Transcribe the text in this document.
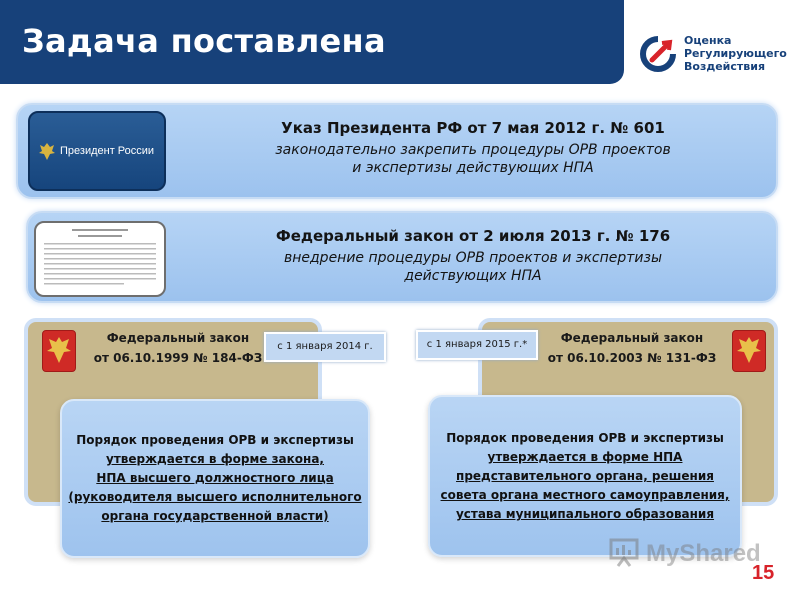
Задача поставлена	Оценка
Регулирующего
Воздействия
Президент России
Указ Президента РФ от 7 мая 2012 г. № 601
законодательно закрепить процедуры ОРВ проектов
и экспертизы действующих НПА
Федеральный закон от 2 июля 2013 г. № 176
внедрение процедуры ОРВ проектов и экспертизы
действующих НПА
Федеральный закон
от 06.10.1999 № 184-ФЗ
Федеральный закон
от 06.10.2003 № 131-ФЗ
с 1 января 2014 г.	с 1 января 2015 г.*
Порядок проведения ОРВ и экспертизы
утверждается в форме закона,
НПА высшего должностного лица
(руководителя высшего исполнительного
органа государственной власти)
Порядок проведения ОРВ и экспертизы
утверждается в форме НПА
представительного органа, решения
совета органа местного самоуправления,
устава муниципального образования
MyShared
15
